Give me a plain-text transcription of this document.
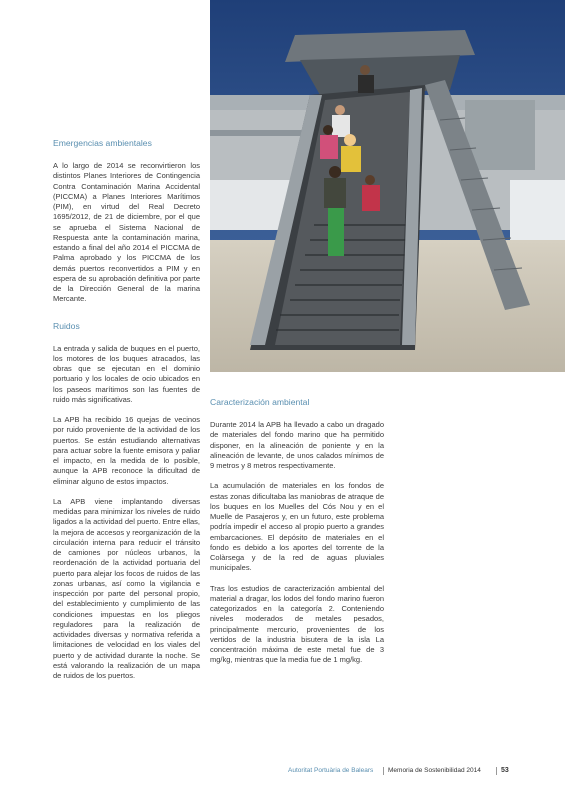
Emergencias ambientales

A lo largo de 2014 se reconvirtieron los distintos Planes Interiores de Contingencia Contra Contaminación Marina Accidental (PICCMA) a Planes Interiores Marítimos (PIM), en virtud del Real Decreto 1695/2012, de 21 de diciembre, por el que se aprueba el Sistema Nacional de Respuesta ante la contaminación marina, estando a final del año 2014 el PICCMA de Palma aprobado y los PICCMA de los demás puertos reconvertidos a PIM y en espera de su aprobación definitiva por parte de la Dirección General de la marina Mercante.

Ruidos

La entrada y salida de buques en el puerto, los motores de los buques atracados, las obras que se ejecutan en el dominio portuario y los locales de ocio ubicados en los paseos marítimos son las fuentes de ruido más significativas.

La APB ha recibido 16 quejas de vecinos por ruido proveniente de la actividad de los puertos. Se están estudiando alternativas para actuar sobre la fuente emisora y paliar el impacto, en la medida de lo posible, aunque la APB reconoce la dificultad de eliminar alguno de estos impactos.

La APB viene implantando diversas medidas para minimizar los niveles de ruido ligados a la actividad del puerto. Entre ellas, la mejora de accesos y reorganización de la circulación interna para reducir el tránsito de camiones por núcleos urbanos, la reordenación de la actividad portuaria del puerto para alejar los focos de ruidos de las zonas urbanas, así como la vigilancia e inspección por parte del personal propio, del establecimiento y cumplimiento de las condiciones impuestas en los pliegos reguladores para la realización de actividades diversas y normativa referida a limitaciones de velocidad en los viales del puerto y de actividad durante la noche. Se está valorando la realización de un mapa de ruidos de los puertos.

Caracterización ambiental

Durante 2014 la APB ha llevado a cabo un dragado de materiales del fondo marino que ha permitido disponer, en la alineación de poniente y en la alineación de levante, de unos calados mínimos de 9 metros y 8 metros respectivamente.

La acumulación de materiales en los fondos de estas zonas dificultaba las maniobras de atraque de los buques en los Muelles del Cós Nou y en el Muelle de Pasajeros y, en un futuro, este problema podría impedir el acceso al propio puerto a grandes embarcaciones. El depósito de materiales en el fondo es debido a los aportes del torrente de la Colàrsega y de la red de aguas pluviales municipales.

Tras los estudios de caracterización ambiental del material a dragar, los lodos del fondo marino fueron categorizados en la categoría 2. Conteniendo niveles moderados de metales pesados, principalmente mercurio, provenientes de los vertidos de la industria bisutera de la isla La concentración máxima de este metal fue de 3 mg/kg, mientras que la media fue de 1 mg/kg.

Autoritat Portuària de Balears Memoria de Sostenibilidad 2014	53
